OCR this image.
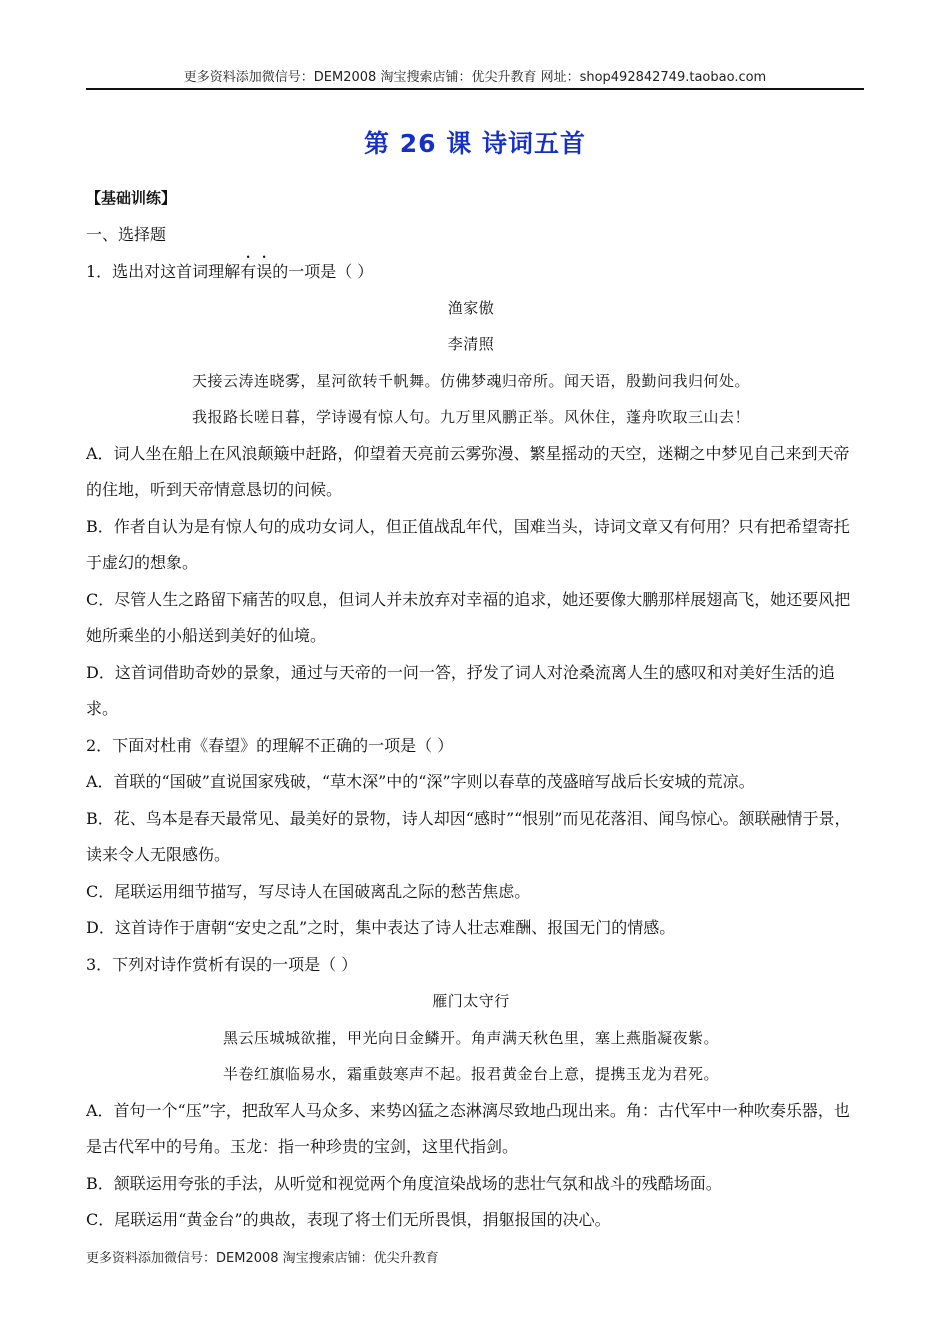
更多资料添加微信号：DEM2008 淘宝搜索店铺：优尖升教育 网址：shop492842749.taobao.com
第 26 课 诗词五首
【基础训练】
一、选择题
1．选出对这首词理解有误的一项是（ ）
渔家傲
李清照
天接云涛连晓雾，星河欲转千帆舞。仿佛梦魂归帝所。闻天语，殷勤问我归何处。
我报路长嗟日暮，学诗谩有惊人句。九万里风鹏正举。风休住，蓬舟吹取三山去！
A．词人坐在船上在风浪颠簸中赶路，仰望着天亮前云雾弥漫、繁星摇动的天空，迷糊之中梦见自己来到天帝的住地，听到天帝情意恳切的问候。
B．作者自认为是有惊人句的成功女词人，但正值战乱年代，国难当头，诗词文章又有何用？只有把希望寄托于虚幻的想象。
C．尽管人生之路留下痛苦的叹息，但词人并未放弃对幸福的追求，她还要像大鹏那样展翅高飞，她还要风把她所乘坐的小船送到美好的仙境。
D．这首词借助奇妙的景象，通过与天帝的一问一答，抒发了词人对沧桑流离人生的感叹和对美好生活的追求。
2．下面对杜甫《春望》的理解不正确的一项是（ ）
A．首联的“国破”直说国家残破，“草木深”中的“深”字则以春草的茂盛暗写战后长安城的荒凉。
B．花、鸟本是春天最常见、最美好的景物，诗人却因“感时”“恨别”而见花落泪、闻鸟惊心。颔联融情于景，读来令人无限感伤。
C．尾联运用细节描写，写尽诗人在国破离乱之际的愁苦焦虑。
D．这首诗作于唐朝“安史之乱”之时，集中表达了诗人壮志难酬、报国无门的情感。
3．下列对诗作赏析有误的一项是（ ）
雁门太守行
黑云压城城欲摧，甲光向日金鳞开。角声满天秋色里，塞上燕脂凝夜紫。
半卷红旗临易水，霜重鼓寒声不起。报君黄金台上意，提携玉龙为君死。
A．首句一个“压”字，把敌军人马众多、来势凶猛之态淋漓尽致地凸现出来。角：古代军中一种吹奏乐器，也是古代军中的号角。玉龙：指一种珍贵的宝剑，这里代指剑。
B．颔联运用夸张的手法，从听觉和视觉两个角度渲染战场的悲壮气氛和战斗的残酷场面。
C．尾联运用“黄金台”的典故，表现了将士们无所畏惧，捐躯报国的决心。
更多资料添加微信号：DEM2008 淘宝搜索店铺：优尖升教育
